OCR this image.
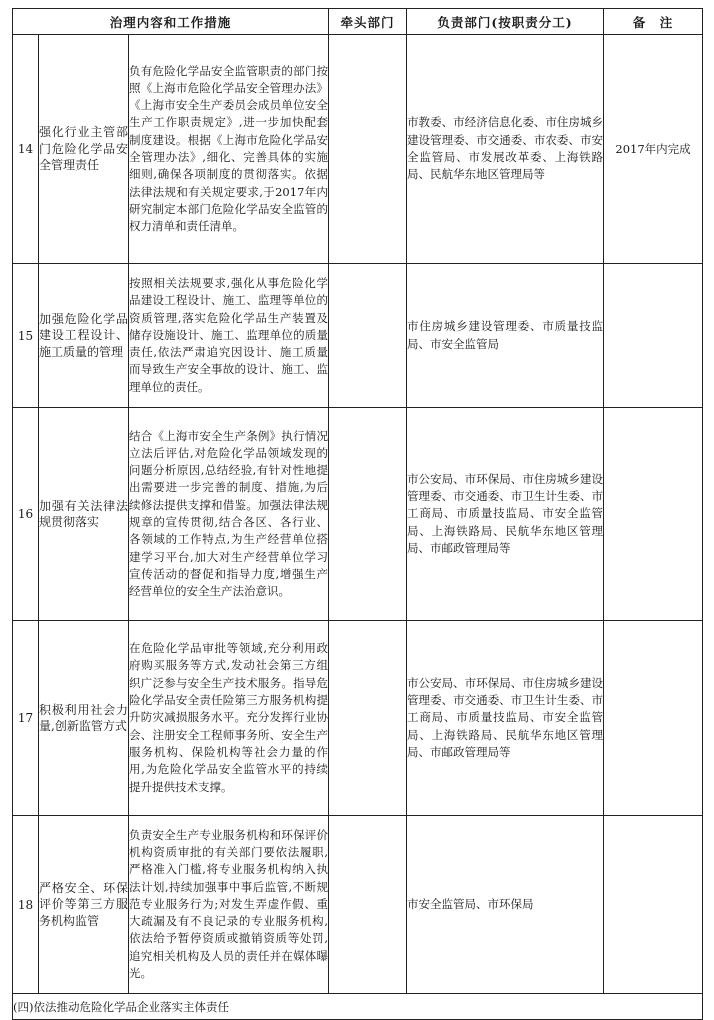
治理内容和工作措施			牵头部门	负责部门(按职责分工)	备　注
14	强化行业主管部门危险化学品安全管理责任	负有危险化学品安全监管职责的部门按照《上海市危险化学品安全管理办法》《上海市安全生产委员会成员单位安全生产工作职责规定》,进一步加快配套制度建设。根据《上海市危险化学品安全管理办法》,细化、完善具体的实施细则,确保各项制度的贯彻落实。依据法律法规和有关规定要求,于2017年内研究制定本部门危险化学品安全监管的权力清单和责任清单。		市教委、市经济信息化委、市住房城乡建设管理委、市交通委、市农委、市安全监管局、市发展改革委、上海铁路局、民航华东地区管理局等	2017年内完成
15	加强危险化学品建设工程设计、施工质量的管理	按照相关法规要求,强化从事危险化学品建设工程设计、施工、监理等单位的资质管理,落实危险化学品生产装置及储存设施设计、施工、监理单位的质量责任,依法严肃追究因设计、施工质量而导致生产安全事故的设计、施工、监理单位的责任。		市住房城乡建设管理委、市质量技监局、市安全监管局	
16	加强有关法律法规贯彻落实	结合《上海市安全生产条例》执行情况立法后评估,对危险化学品领域发现的问题分析原因,总结经验,有针对性地提出需要进一步完善的制度、措施,为后续修法提供支撑和借鉴。加强法律法规规章的宣传贯彻,结合各区、各行业、各领域的工作特点,为生产经营单位搭建学习平台,加大对生产经营单位学习宣传活动的督促和指导力度,增强生产经营单位的安全生产法治意识。		市公安局、市环保局、市住房城乡建设管理委、市交通委、市卫生计生委、市工商局、市质量技监局、市安全监管局、上海铁路局、民航华东地区管理局、市邮政管理局等	
17	积极利用社会力量,创新监管方式	在危险化学品审批等领域,充分利用政府购买服务等方式,发动社会第三方组织广泛参与安全生产技术服务。指导危险化学品安全责任险第三方服务机构提升防灾减损服务水平。充分发挥行业协会、注册安全工程师事务所、安全生产服务机构、保险机构等社会力量的作用,为危险化学品安全监管水平的持续提升提供技术支撑。		市公安局、市环保局、市住房城乡建设管理委、市交通委、市卫生计生委、市工商局、市质量技监局、市安全监管局、上海铁路局、民航华东地区管理局、市邮政管理局等	
18	严格安全、环保评价等第三方服务机构监管	负责安全生产专业服务机构和环保评价机构资质审批的有关部门要依法履职,严格准入门槛,将专业服务机构纳入执法计划,持续加强事中事后监管,不断规范专业服务行为;对发生弄虚作假、重大疏漏及有不良记录的专业服务机构,依法给予暂停资质或撤销资质等处罚,追究相关机构及人员的责任并在媒体曝光。		市安全监管局、市环保局	
(四)依法推动危险化学品企业落实主体责任					
